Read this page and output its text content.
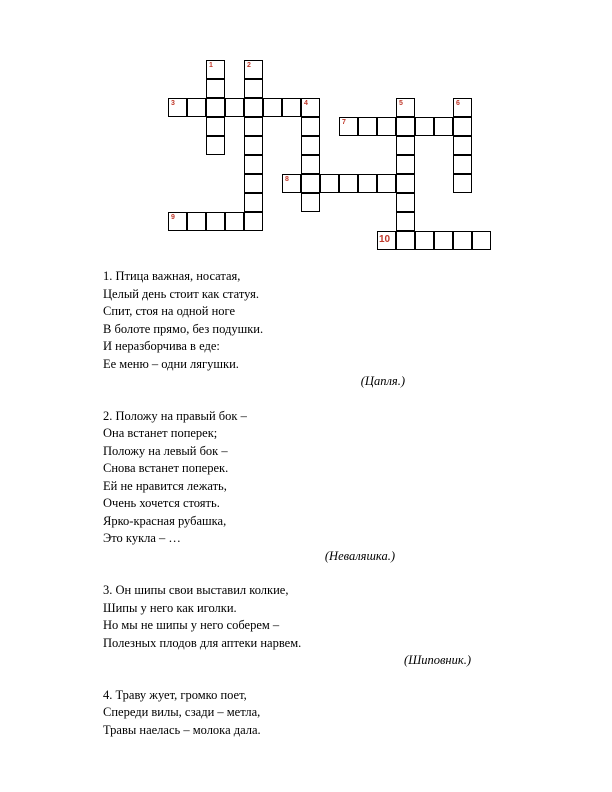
1	2
3	4	5	6
7
8
9
10

1. Птица важная, носатая,

Целый день стоит как статуя.

Спит, стоя на одной ноге

В болоте прямо, без подушки.

И неразборчива в еде:

Ее меню – одни лягушки.

(Цапля.)

2. Положу на правый бок –

Она встанет поперек;

Положу на левый бок –

Снова встанет поперек.

Ей не нравится лежать,

Очень хочется стоять.

Ярко-красная рубашка,

Это кукла – …

(Неваляшка.)

3. Он шипы свои выставил колкие,

Шипы у него как иголки.

Но мы не шипы у него соберем –

Полезных плодов для аптеки нарвем.

(Шиповник.)

4. Траву жует, громко поет,

Спереди вилы, сзади – метла,

Травы наелась – молока дала.
